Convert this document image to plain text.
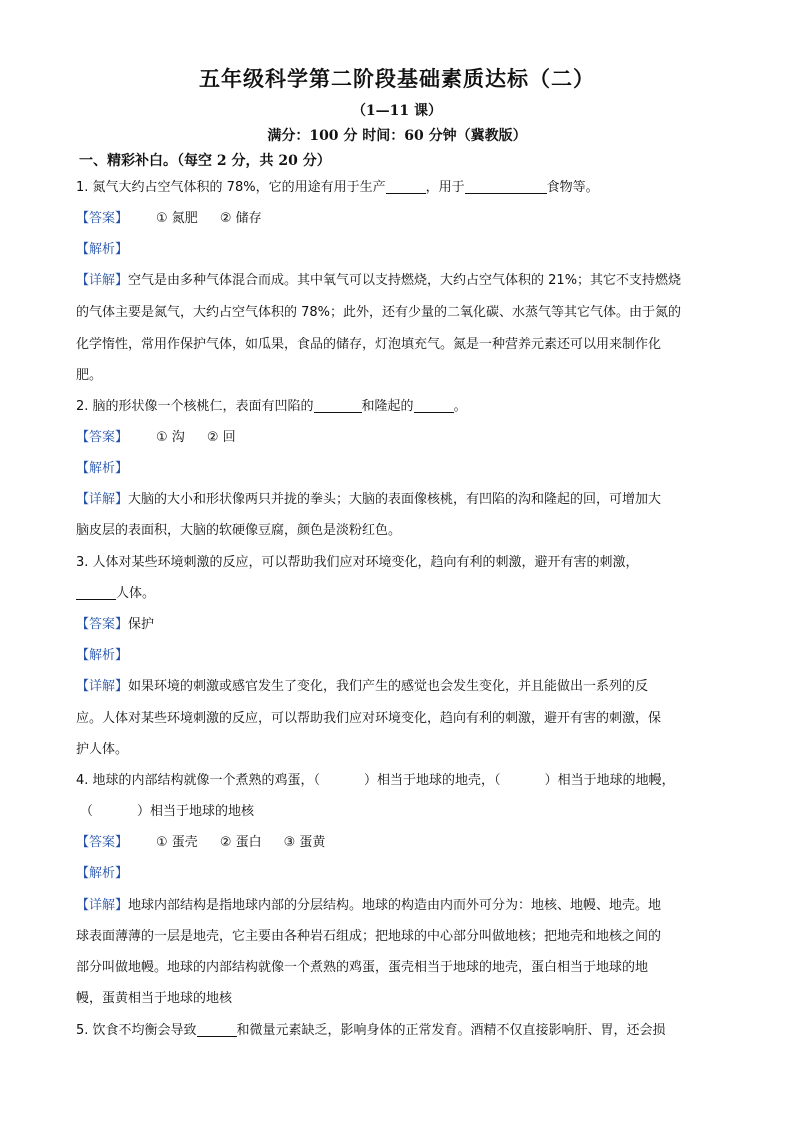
五年级科学第二阶段基础素质达标（二）
（1—11 课）
满分：100 分 时间：60 分钟（冀教版）
一、精彩补白。（每空 2 分，共 20 分）
1. 氮气大约占空气体积的 78%，它的用途有用于生产	，用于	食物等。
【答案】 ① 氮肥 ② 储存
【解析】
【详解】空气是由多种气体混合而成。其中氧气可以支持燃烧，大约占空气体积的 21%；其它不支持燃烧
的气体主要是氮气，大约占空气体积的 78%；此外，还有少量的二氧化碳、水蒸气等其它气体。由于氮的
化学惰性，常用作保护气体，如瓜果，食品的储存，灯泡填充气。氮是一种营养元素还可以用来制作化
肥。
2. 脑的形状像一个核桃仁，表面有凹陷的	和隆起的	。
【答案】 ① 沟 ② 回
【解析】
【详解】大脑的大小和形状像两只并拢的拳头；大脑的表面像核桃，有凹陷的沟和隆起的回，可增加大
脑皮层的表面积，大脑的软硬像豆腐，颜色是淡粉红色。
3. 人体对某些环境刺激的反应，可以帮助我们应对环境变化，趋向有利的刺激，避开有害的刺激，
人体。
【答案】保护
【解析】
【详解】如果环境的刺激或感官发生了变化，我们产生的感觉也会发生变化，并且能做出一系列的反
应。人体对某些环境刺激的反应，可以帮助我们应对环境变化，趋向有利的刺激，避开有害的刺激，保
护人体。
4. 地球的内部结构就像一个煮熟的鸡蛋，（	）相当于地球的地壳，（	）相当于地球的地幔，
（	）相当于地球的地核
【答案】 ① 蛋壳 ② 蛋白 ③ 蛋黄
【解析】
【详解】地球内部结构是指地球内部的分层结构。地球的构造由内而外可分为：地核、地幔、地壳。地
球表面薄薄的一层是地壳，它主要由各种岩石组成；把地球的中心部分叫做地核；把地壳和地核之间的
部分叫做地幔。地球的内部结构就像一个煮熟的鸡蛋，蛋壳相当于地球的地壳，蛋白相当于地球的地
幔，蛋黄相当于地球的地核
5. 饮食不均衡会导致	和微量元素缺乏，影响身体的正常发育。酒精不仅直接影响肝、胃，还会损
